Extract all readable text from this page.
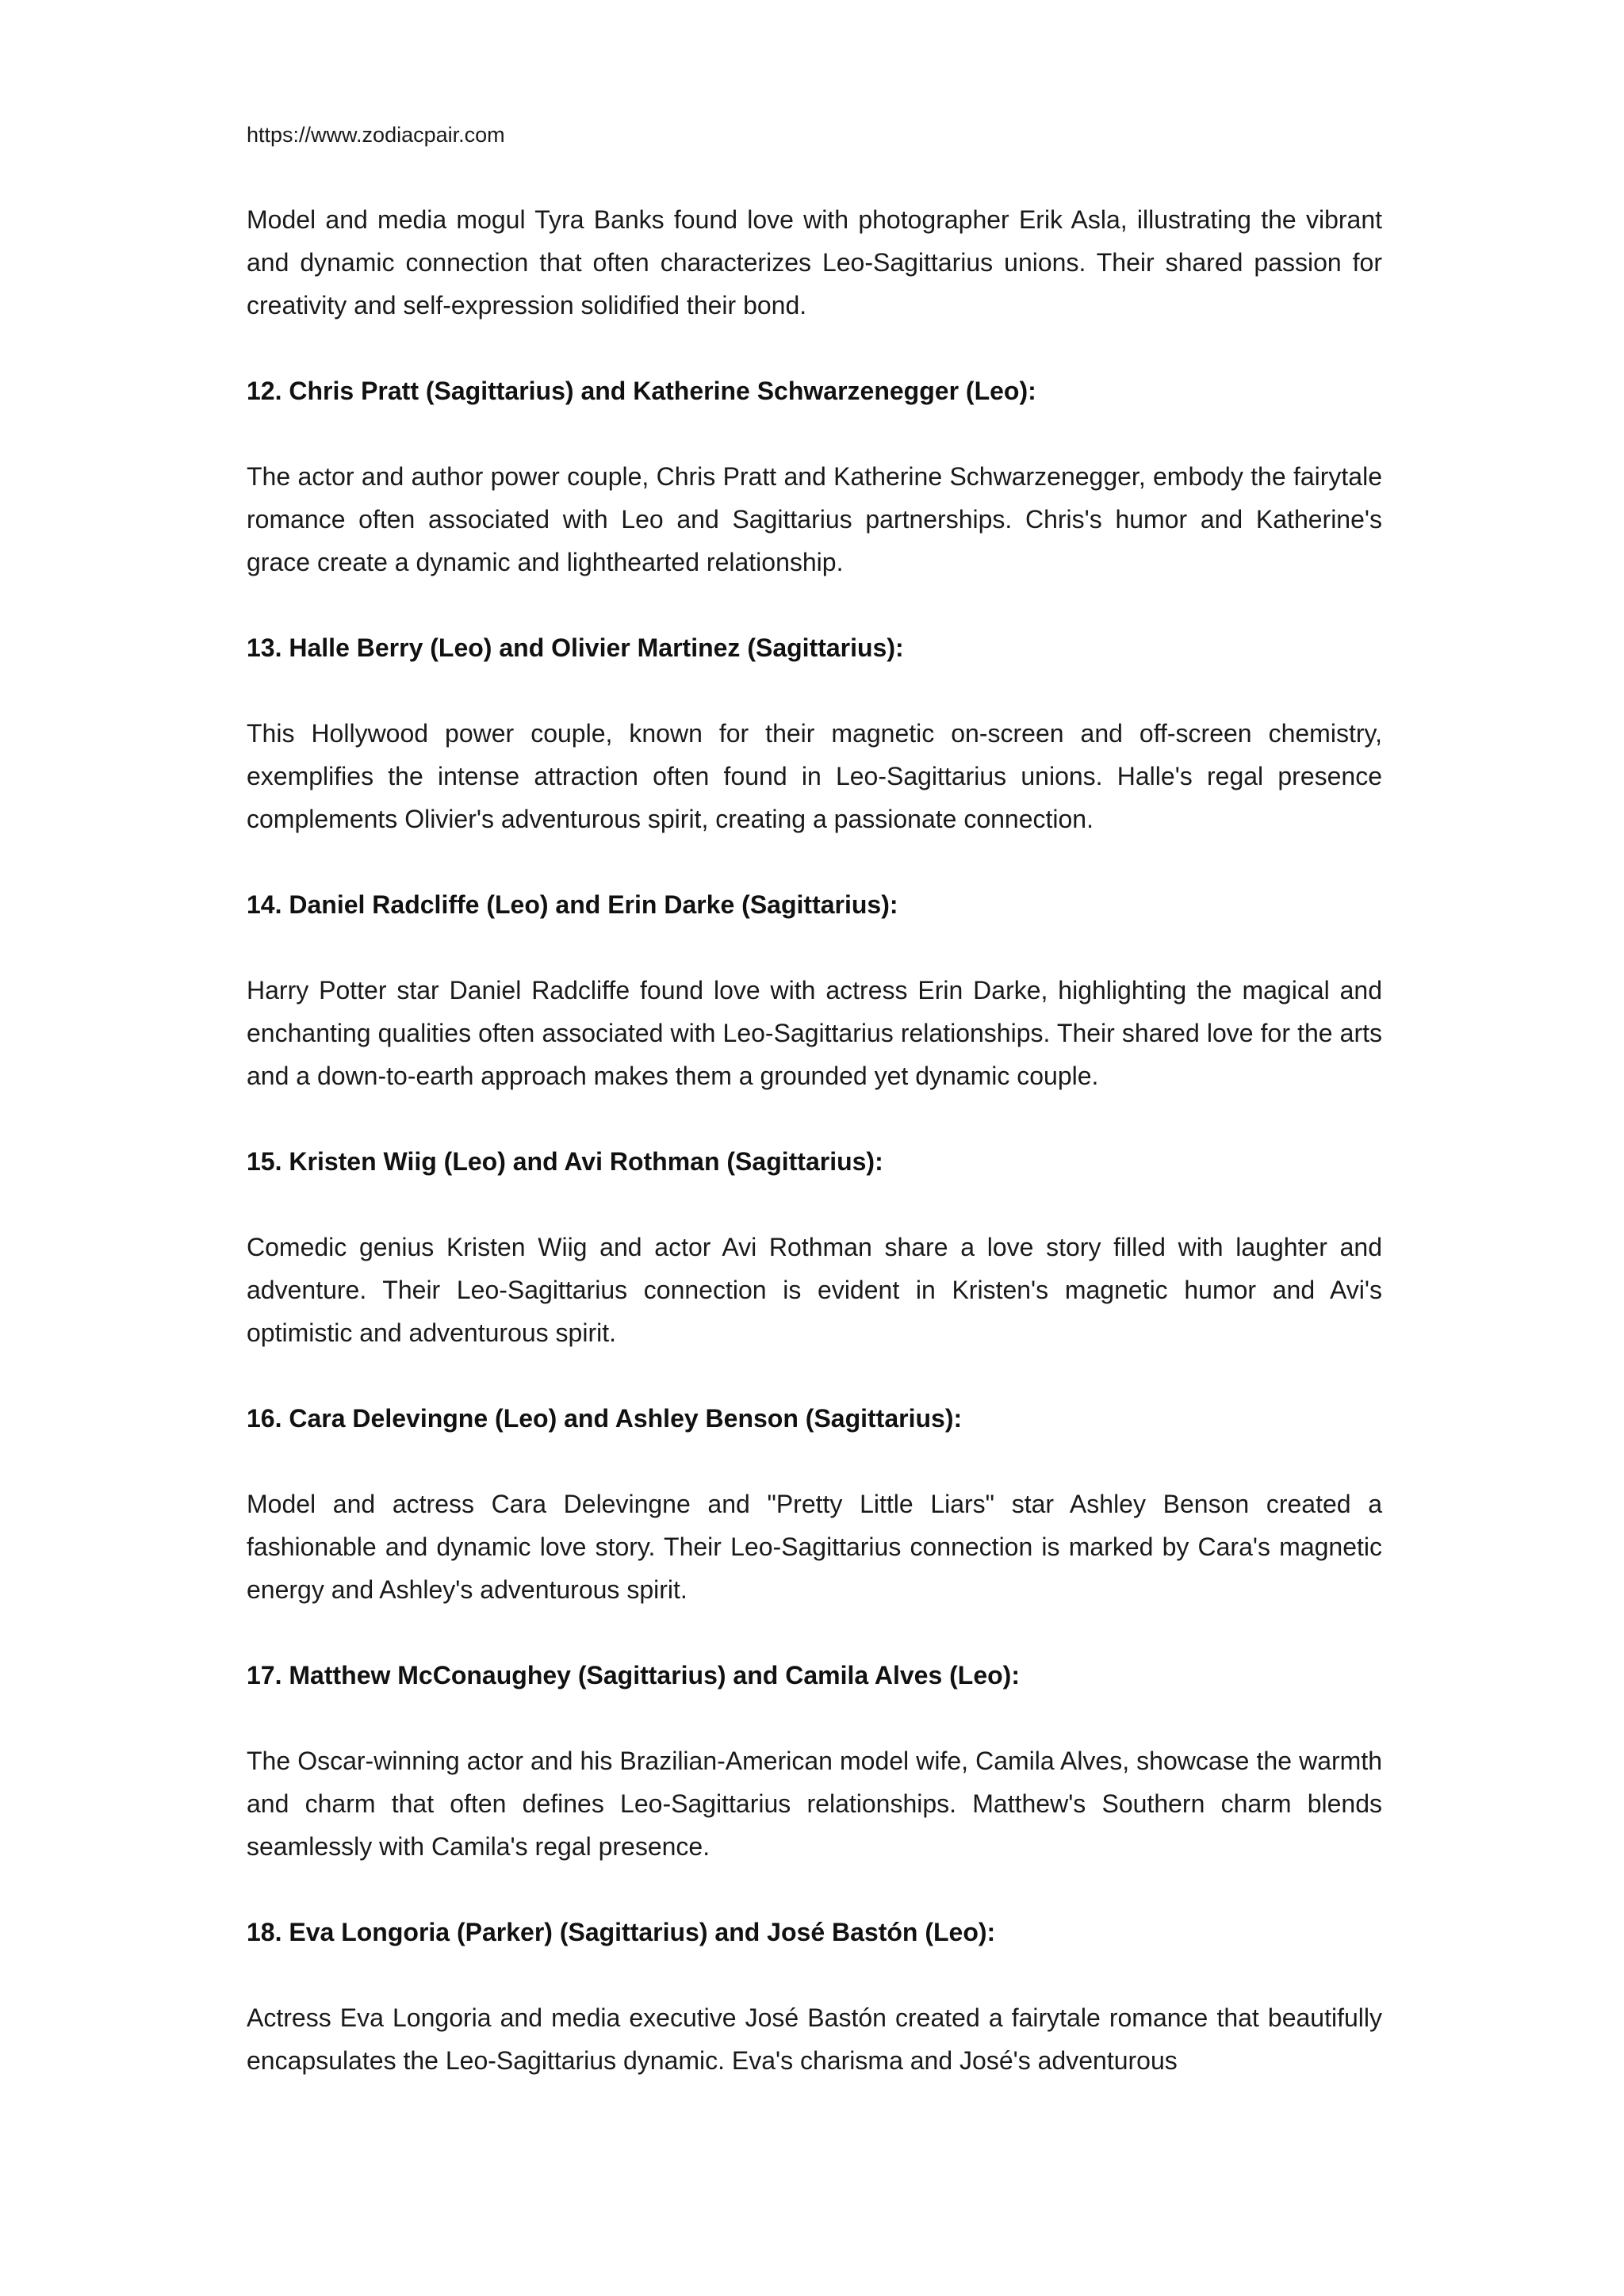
https://www.zodiacpair.com

Model and media mogul Tyra Banks found love with photographer Erik Asla, illustrating the vibrant and dynamic connection that often characterizes Leo-Sagittarius unions. Their shared passion for creativity and self-expression solidified their bond.

12. Chris Pratt (Sagittarius) and Katherine Schwarzenegger (Leo):

The actor and author power couple, Chris Pratt and Katherine Schwarzenegger, embody the fairytale romance often associated with Leo and Sagittarius partnerships. Chris's humor and Katherine's grace create a dynamic and lighthearted relationship.

13. Halle Berry (Leo) and Olivier Martinez (Sagittarius):

This Hollywood power couple, known for their magnetic on-screen and off-screen chemistry, exemplifies the intense attraction often found in Leo-Sagittarius unions. Halle's regal presence complements Olivier's adventurous spirit, creating a passionate connection.

14. Daniel Radcliffe (Leo) and Erin Darke (Sagittarius):

Harry Potter star Daniel Radcliffe found love with actress Erin Darke, highlighting the magical and enchanting qualities often associated with Leo-Sagittarius relationships. Their shared love for the arts and a down-to-earth approach makes them a grounded yet dynamic couple.

15. Kristen Wiig (Leo) and Avi Rothman (Sagittarius):

Comedic genius Kristen Wiig and actor Avi Rothman share a love story filled with laughter and adventure. Their Leo-Sagittarius connection is evident in Kristen's magnetic humor and Avi's optimistic and adventurous spirit.

16. Cara Delevingne (Leo) and Ashley Benson (Sagittarius):

Model and actress Cara Delevingne and "Pretty Little Liars" star Ashley Benson created a fashionable and dynamic love story. Their Leo-Sagittarius connection is marked by Cara's magnetic energy and Ashley's adventurous spirit.

17. Matthew McConaughey (Sagittarius) and Camila Alves (Leo):

The Oscar-winning actor and his Brazilian-American model wife, Camila Alves, showcase the warmth and charm that often defines Leo-Sagittarius relationships. Matthew's Southern charm blends seamlessly with Camila's regal presence.

18. Eva Longoria (Parker) (Sagittarius) and José Bastón (Leo):

Actress Eva Longoria and media executive José Bastón created a fairytale romance that beautifully encapsulates the Leo-Sagittarius dynamic. Eva's charisma and José's adventurous
